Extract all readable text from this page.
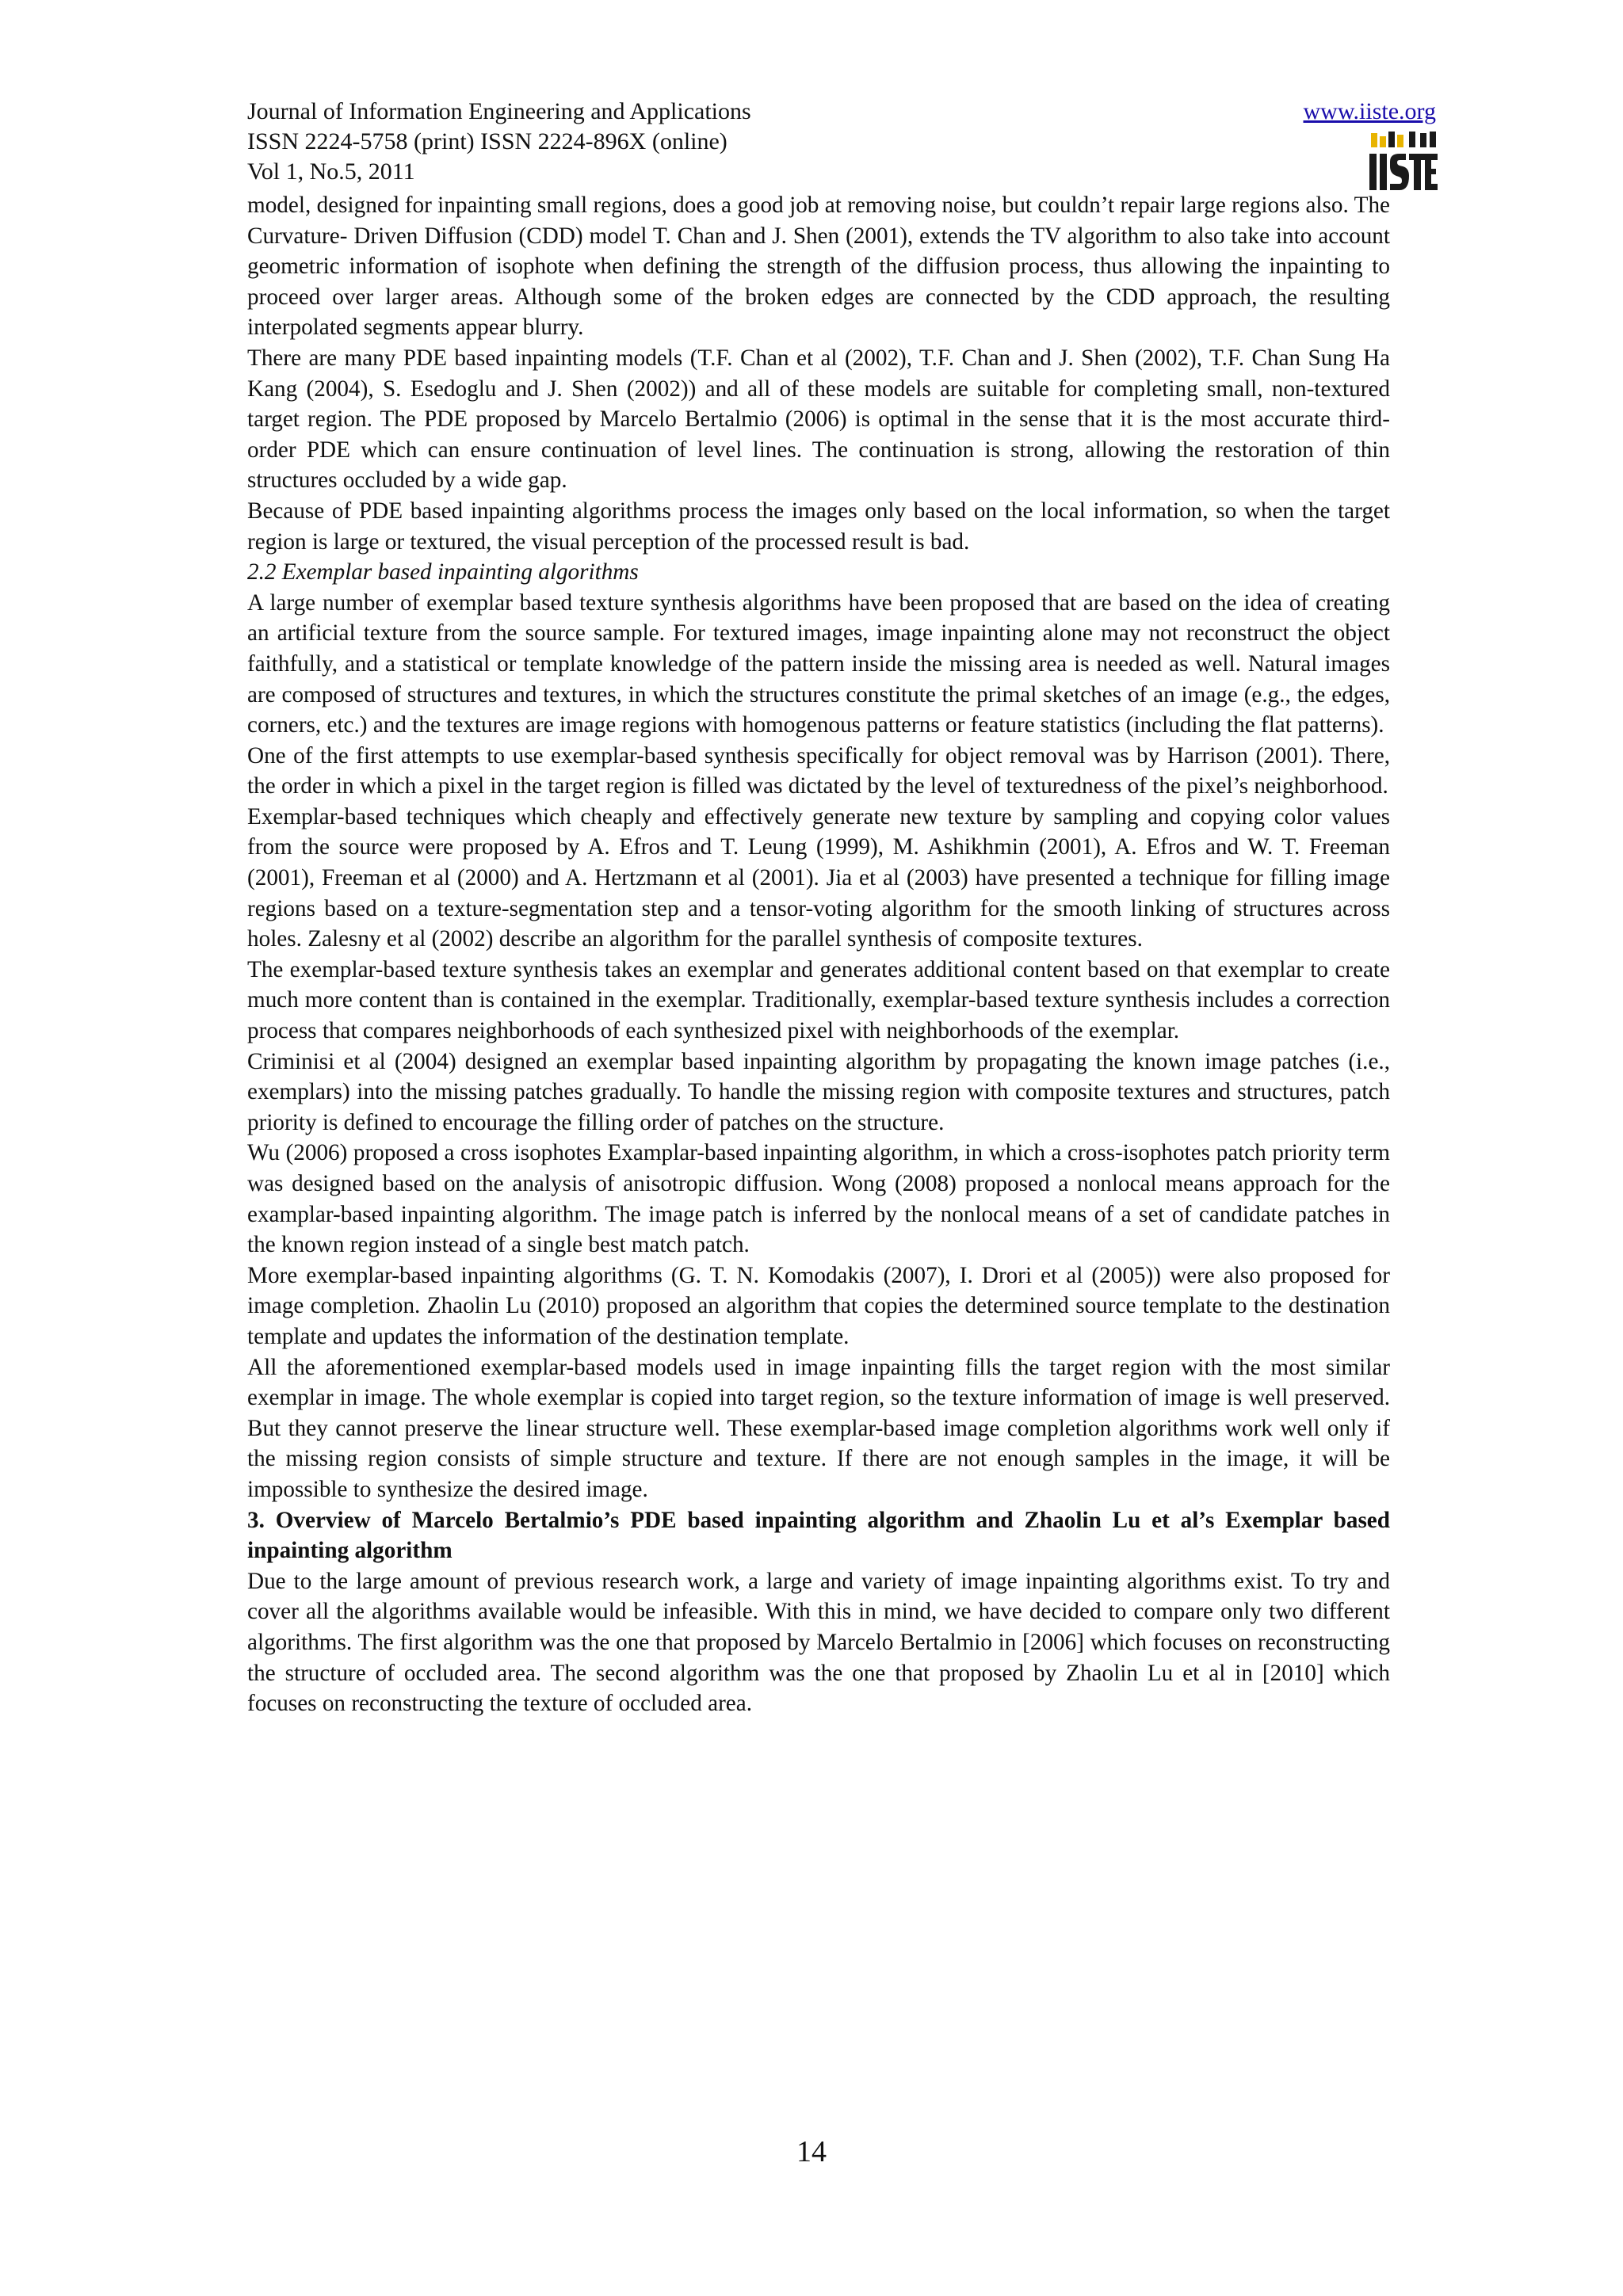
Journal of Information Engineering and Applications
ISSN 2224-5758 (print) ISSN 2224-896X (online)
Vol 1, No.5, 2011
www.iiste.org

model, designed for inpainting small regions, does a good job at removing noise, but couldn’t repair large regions also. The Curvature- Driven Diffusion (CDD) model T. Chan and J. Shen (2001), extends the TV algorithm to also take into account geometric information of isophote when defining the strength of the diffusion process, thus allowing the inpainting to proceed over larger areas. Although some of the broken edges are connected by the CDD approach, the resulting interpolated segments appear blurry.

There are many PDE based inpainting models (T.F. Chan et al (2002), T.F. Chan and J. Shen (2002), T.F. Chan Sung Ha Kang (2004), S. Esedoglu and J. Shen (2002)) and all of these models are suitable for completing small, non-textured target region. The PDE proposed by Marcelo Bertalmio (2006) is optimal in the sense that it is the most accurate third-order PDE which can ensure continuation of level lines. The continuation is strong, allowing the restoration of thin structures occluded by a wide gap.

Because of PDE based inpainting algorithms process the images only based on the local information, so when the target region is large or textured, the visual perception of the processed result is bad.

2.2 Exemplar based inpainting algorithms

A large number of exemplar based texture synthesis algorithms have been proposed that are based on the idea of creating an artificial texture from the source sample. For textured images, image inpainting alone may not reconstruct the object faithfully, and a statistical or template knowledge of the pattern inside the missing area is needed as well. Natural images are composed of structures and textures, in which the structures constitute the primal sketches of an image (e.g., the edges, corners, etc.) and the textures are image regions with homogenous patterns or feature statistics (including the flat patterns).

One of the first attempts to use exemplar-based synthesis specifically for object removal was by Harrison (2001). There, the order in which a pixel in the target region is filled was dictated by the level of texturedness of the pixel’s neighborhood.

Exemplar-based techniques which cheaply and effectively generate new texture by sampling and copying color values from the source were proposed by A. Efros and T. Leung (1999), M. Ashikhmin (2001), A. Efros and W. T. Freeman (2001), Freeman et al (2000) and A. Hertzmann et al (2001). Jia et al (2003) have presented a technique for filling image regions based on a texture-segmentation step and a tensor-voting algorithm for the smooth linking of structures across holes. Zalesny et al (2002) describe an algorithm for the parallel synthesis of composite textures.

The exemplar-based texture synthesis takes an exemplar and generates additional content based on that exemplar to create much more content than is contained in the exemplar. Traditionally, exemplar-based texture synthesis includes a correction process that compares neighborhoods of each synthesized pixel with neighborhoods of the exemplar.

Criminisi et al (2004) designed an exemplar based inpainting algorithm by propagating the known image patches (i.e., exemplars) into the missing patches gradually. To handle the missing region with composite textures and structures, patch priority is defined to encourage the filling order of patches on the structure.

Wu (2006) proposed a cross isophotes Examplar-based inpainting algorithm, in which a cross-isophotes patch priority term was designed based on the analysis of anisotropic diffusion. Wong (2008) proposed a nonlocal means approach for the examplar-based inpainting algorithm. The image patch is inferred by the nonlocal means of a set of candidate patches in the known region instead of a single best match patch.

More exemplar-based inpainting algorithms (G. T. N. Komodakis (2007), I. Drori et al (2005)) were also proposed for image completion. Zhaolin Lu (2010) proposed an algorithm that copies the determined source template to the destination template and updates the information of the destination template.

All the aforementioned exemplar-based models used in image inpainting fills the target region with the most similar exemplar in image. The whole exemplar is copied into target region, so the texture information of image is well preserved. But they cannot preserve the linear structure well. These exemplar-based image completion algorithms work well only if the missing region consists of simple structure and texture. If there are not enough samples in the image, it will be impossible to synthesize the desired image.

3. Overview of Marcelo Bertalmio’s PDE based inpainting algorithm and Zhaolin Lu et al’s Exemplar based inpainting algorithm

Due to the large amount of previous research work, a large and variety of image inpainting algorithms exist. To try and cover all the algorithms available would be infeasible. With this in mind, we have decided to compare only two different algorithms. The first algorithm was the one that proposed by Marcelo Bertalmio in [2006] which focuses on reconstructing the structure of occluded area. The second algorithm was the one that proposed by Zhaolin Lu et al in [2010] which focuses on reconstructing the texture of occluded area.

14
